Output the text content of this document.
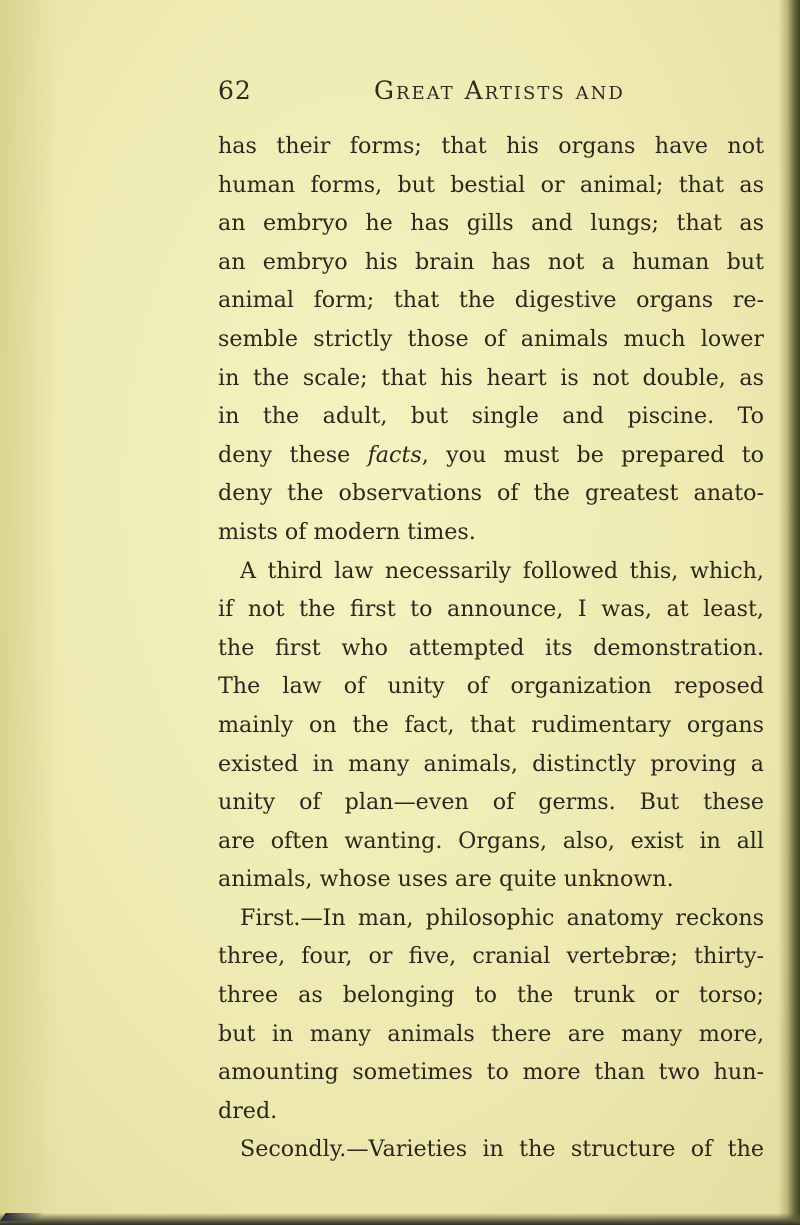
62	Great Artists and
has their forms; that his organs have not
human forms, but bestial or animal; that as
an embryo he has gills and lungs; that as
an embryo his brain has not a human but
animal form; that the digestive organs re-
semble strictly those of animals much lower
in the scale; that his heart is not double, as
in the adult, but single and piscine. To
deny these facts, you must be prepared to
deny the observations of the greatest anato-
mists of modern times.
A third law necessarily followed this, which,
if not the first to announce, I was, at least,
the first who attempted its demonstration.
The law of unity of organization reposed
mainly on the fact, that rudimentary organs
existed in many animals, distinctly proving a
unity of plan—even of germs. But these
are often wanting. Organs, also, exist in all
animals, whose uses are quite unknown.
First.—In man, philosophic anatomy reckons
three, four, or five, cranial vertebræ; thirty-
three as belonging to the trunk or torso;
but in many animals there are many more,
amounting sometimes to more than two hun-
dred.
Secondly.—Varieties in the structure of the
